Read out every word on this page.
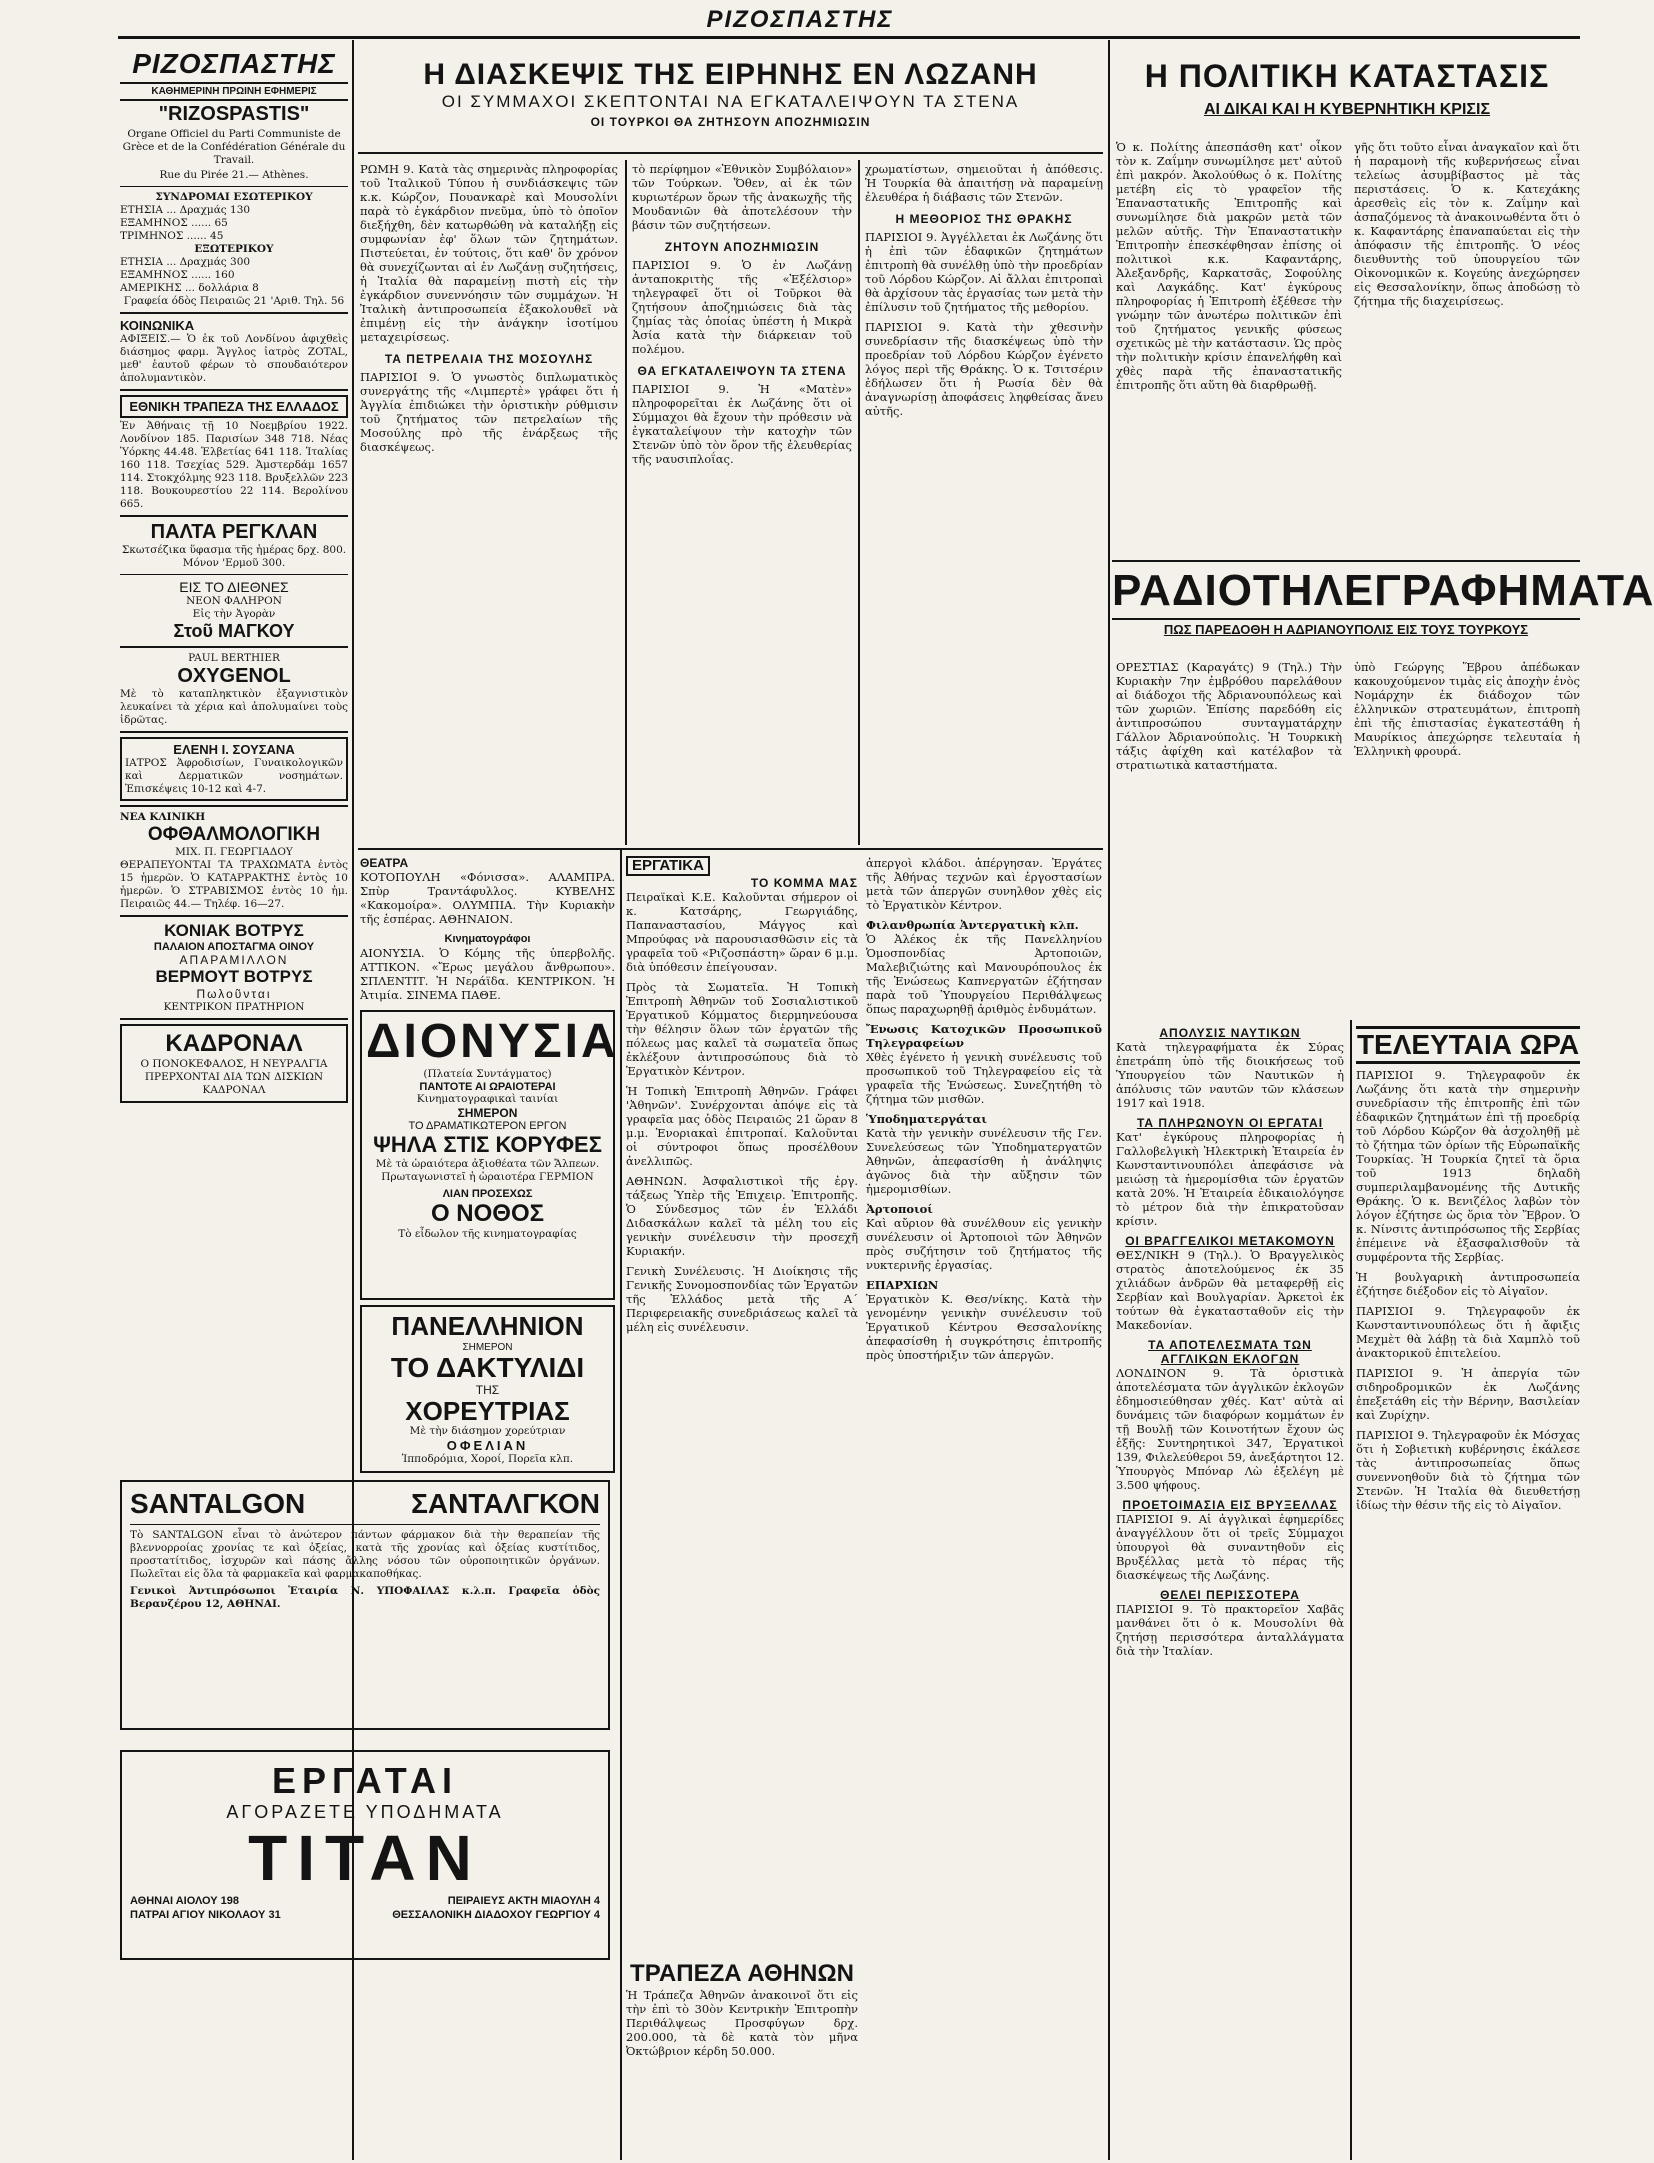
ΡΙΖΟΣΠΑΣΤΗΣ
ΡΙΖΟΣΠΑΣΤΗΣ
ΚΑΘΗΜΕΡΙΝΗ ΠΡΩΙΝΗ ΕΦΗΜΕΡΙΣ
"RIZOSPASTIS"
Organe Officiel du Parti Communiste de Grèce et de la Confédération Générale du Travail.
Rue du Pirée 21.— Athènes.
ΣΥΝΔΡΟΜΑΙ ΕΣΩΤΕΡΙΚΟΥ
ΕΤΗΣΙΑ ... Δραχμάς 130
ΕΞΑΜΗΝΟΣ ...... 65
ΤΡΙΜΗΝΟΣ ...... 45
ΕΞΩΤΕΡΙΚΟΥ
ΕΤΗΣΙΑ ... Δραχμάς 300
ΕΞΑΜΗΝΟΣ ...... 160
ΑΜΕΡΙΚΗΣ ... δολλάρια 8
Γραφεία όδὸς Πειραιῶς 21 'Αριθ. Τηλ. 56
ΚΟΙΝΩΝΙΚΑ
ΑΦΙΞΕΙΣ.— Ὁ ἐκ τοῦ Λονδίνου ἀφιχθεὶς διάσημος φαρμ. Ἄγγλος ἰατρὸς ZOTAL, μεθ' ἑαυτοῦ φέρων τὸ σπουδαιότερον ἀπολυμαντικὸν.
ΕΘΝΙΚΗ ΤΡΑΠΕΖΑ ΤΗΣ ΕΛΛΑΔΟΣ
Ἐν Ἀθήναις τῇ 10 Νοεμβρίου 1922. Λονδίνον 185. Παρισίων 348 718. Νέας Ὑόρκης 44.48. Ἑλβετίας 641 118. Ἰταλίας 160 118. Τσεχίας 529. Ἀμστερδάμ 1657 114. Στοκχόλμης 923 118. Βρυξελλῶν 223 118. Βουκουρεστίου 22 114. Βερολίνου 665.
ΠΑΛΤΑ ΡΕΓΚΛΑΝ
Σκωτσέζικα ὕφασμα τῆς ἡμέρας δρχ. 800. Μόνον 'Ερμοῦ 300.
ΕΙΣ ΤΟ ΔΙΕΘΝΕΣ
ΝΕΟΝ ΦΑΛΗΡΟΝ
Εἰς τὴν Ἀγορὰν
Στοῦ ΜΑΓΚΟΥ
PAUL BERTHIER
OXYGENOL
Μὲ τὸ καταπληκτικὸν ἐξαγνιστικὸν λευκαίνει τὰ χέρια καὶ ἀπολυμαίνει τοὺς ἰδρῶτας.
ΕΛΕΝΗ Ι. ΣΟΥΣΑΝΑ
ΙΑΤΡΟΣ Ἀφροδισίων, Γυναικολογικῶν καὶ Δερματικῶν νοσημάτων. Ἐπισκέψεις 10-12 καὶ 4-7.
ΝΕΑ ΚΛΙΝΙΚΗ
ΟΦΘΑΛΜΟΛΟΓΙΚΗ
ΜΙΧ. Π. ΓΕΩΡΓΙΑΔΟΥ
ΘΕΡΑΠΕΥΟΝΤΑΙ ΤΑ ΤΡΑΧΩΜΑΤΑ ἐντὸς 15 ἡμερῶν. Ὁ ΚΑΤΑΡΡΑΚΤΗΣ ἐντὸς 10 ἡμερῶν. Ὁ ΣΤΡΑΒΙΣΜΟΣ ἐντὸς 10 ἡμ. Πειραιῶς 44.— Τηλέφ. 16—27.
ΚΟΝΙΑΚ ΒΟΤΡΥΣ
ΠΑΛΑΙΟΝ ΑΠΟΣΤΑΓΜΑ ΟΙΝΟΥ
ΑΠΑΡΑΜΙΛΛΟΝ
ΒΕΡΜΟΥΤ ΒΟΤΡΥΣ
Πωλοῦνται
ΚΕΝΤΡΙΚΟΝ ΠΡΑΤΗΡΙΟΝ
ΚΑΔΡΟΝΑΛ
Ο ΠΟΝΟΚΕΦΑΛΟΣ, Η ΝΕΥΡΑΛΓΙΑ ΠΡΕΡΧΟΝΤΑΙ ΔΙΑ ΤΩΝ ΔΙΣΚΙΩΝ ΚΑΔΡΟΝΑΛ
SANTALGON	ΣΑΝΤΑΛΓΚΟΝ
Τὸ SANTALGON εἶναι τὸ ἀνώτερον πάντων φάρμακον διὰ τὴν θεραπείαν τῆς βλεννορροίας χρονίας τε καὶ ὀξείας, κατὰ τῆς χρονίας καὶ ὀξείας κυστίτιδος, προστατίτιδος, ἰσχυρῶν καὶ πάσης ἄλλης νόσου τῶν οὐροποιητικῶν ὀργάνων. Πωλεῖται εἰς ὅλα τὰ φαρμακεῖα καὶ φαρμακαποθήκας.
Γενικοὶ Ἀντιπρόσωποι Ἑταιρία Ν. ΥΠΟΦΑΙΛΑΣ κ.λ.π. Γραφεῖα ὁδὸς Βερανζέρου 12, ΑΘΗΝΑΙ.
ΕΡΓΑΤΑΙ
ΑΓΟΡΑΖΕΤΕ ΥΠΟΔΗΜΑΤΑ
ΤΙΤΑΝ
ΑΘΗΝΑΙ ΑΙΟΛΟΥ 198	ΠΕΙΡΑΙΕΥΣ ΑΚΤΗ ΜΙΑΟΥΛΗ 4
ΠΑΤΡΑΙ ΑΓΙΟΥ ΝΙΚΟΛΑΟΥ 31	ΘΕΣΣΑΛΟΝΙΚΗ ΔΙΑΔΟΧΟΥ ΓΕΩΡΓΙΟΥ 4
Η ΔΙΑΣΚΕΨΙΣ ΤΗΣ ΕΙΡΗΝΗΣ ΕΝ ΛΩΖΑΝΗ
ΟΙ ΣΥΜΜΑΧΟΙ ΣΚΕΠΤΟΝΤΑΙ ΝΑ ΕΓΚΑΤΑΛΕΙΨΟΥΝ ΤΑ ΣΤΕΝΑ
ΟΙ ΤΟΥΡΚΟΙ ΘΑ ΖΗΤΗΣΟΥΝ ΑΠΟΖΗΜΙΩΣΙΝ

ΡΩΜΗ 9. Κατὰ τὰς σημερινὰς πληροφορίας τοῦ Ἰταλικοῦ Τύπου ἡ συνδιάσκεψις τῶν κ.κ. Κώρζον, Πουανκαρὲ καὶ Μουσολίνι παρὰ τὸ ἐγκάρδιον πνεῦμα, ὑπὸ τὸ ὁποῖον διεξήχθη, δὲν κατωρθώθη νὰ καταλήξῃ εἰς συμφωνίαν ἐφ' ὅλων τῶν ζητημάτων. Πιστεύεται, ἐν τούτοις, ὅτι καθ' ὃν χρόνον θὰ συνεχίζωνται αἱ ἐν Λωζάνῃ συζητήσεις, ἡ Ἰταλία θὰ παραμείνῃ πιστὴ εἰς τὴν ἐγκάρδιον συνεννόησιν τῶν συμμάχων. Ἡ Ἰταλικὴ ἀντιπροσωπεία ἐξακολουθεῖ νὰ ἐπιμένῃ εἰς τὴν ἀνάγκην ἰσοτίμου μεταχειρίσεως.

ΤΑ ΠΕΤΡΕΛΑΙΑ ΤΗΣ ΜΟΣΟΥΛΗΣ

ΠΑΡΙΣΙΟΙ 9. Ὁ γνωστὸς διπλωματικὸς συνεργάτης τῆς «Λιμπερτὲ» γράφει ὅτι ἡ Ἀγγλία ἐπιδιώκει τὴν ὁριστικὴν ρύθμισιν τοῦ ζητήματος τῶν πετρελαίων τῆς Μοσούλης πρὸ τῆς ἐνάρξεως τῆς διασκέψεως.

τὸ περίφημον «Ἐθνικὸν Συμβόλαιον» τῶν Τούρκων. Ὅθεν, αἱ ἐκ τῶν κυριωτέρων ὅρων τῆς ἀνακωχῆς τῆς Μουδανιῶν θὰ ἀποτελέσουν τὴν βάσιν τῶν συζητήσεων.

ΖΗΤΟΥΝ ΑΠΟΖΗΜΙΩΣΙΝ

ΠΑΡΙΣΙΟΙ 9. Ὁ ἐν Λωζάνῃ ἀνταποκριτὴς τῆς «Ἐξέλσιορ» τηλεγραφεῖ ὅτι οἱ Τοῦρκοι θὰ ζητήσουν ἀποζημιώσεις διὰ τὰς ζημίας τὰς ὁποίας ὑπέστη ἡ Μικρὰ Ἀσία κατὰ τὴν διάρκειαν τοῦ πολέμου.

ΘΑ ΕΓΚΑΤΑΛΕΙΨΟΥΝ ΤΑ ΣΤΕΝΑ

ΠΑΡΙΣΙΟΙ 9. Ἡ «Ματὲν» πληροφορεῖται ἐκ Λωζάνης ὅτι οἱ Σύμμαχοι θὰ ἔχουν τὴν πρόθεσιν νὰ ἐγκαταλείψουν τὴν κατοχὴν τῶν Στενῶν ὑπὸ τὸν ὅρον τῆς ἐλευθερίας τῆς ναυσιπλοΐας.

χρωματίστων, σημειοῦται ἡ ἀπόθεσις. Ἡ Τουρκία θὰ ἀπαιτήσῃ νὰ παραμείνῃ ἐλευθέρα ἡ διάβασις τῶν Στενῶν.

Η ΜΕΘΟΡΙΟΣ ΤΗΣ ΘΡΑΚΗΣ

ΠΑΡΙΣΙΟΙ 9. Ἀγγέλλεται ἐκ Λωζάνης ὅτι ἡ ἐπὶ τῶν ἐδαφικῶν ζητημάτων ἐπιτροπὴ θὰ συνέλθῃ ὑπὸ τὴν προεδρίαν τοῦ Λόρδου Κώρζον. Αἱ ἄλλαι ἐπιτροπαὶ θὰ ἀρχίσουν τὰς ἐργασίας των μετὰ τὴν ἐπίλυσιν τοῦ ζητήματος τῆς μεθορίου.

ΠΑΡΙΣΙΟΙ 9. Κατὰ τὴν χθεσινὴν συνεδρίασιν τῆς διασκέψεως ὑπὸ τὴν προεδρίαν τοῦ Λόρδου Κώρζον ἐγένετο λόγος περὶ τῆς Θράκης. Ὁ κ. Τσιτσέριν ἐδήλωσεν ὅτι ἡ Ρωσία δὲν θὰ ἀναγνωρίσῃ ἀποφάσεις ληφθείσας ἄνευ αὐτῆς.

ΘΕΑΤΡΑ

ΚΟΤΟΠΟΥΛΗ «Φόνισσα». ΑΛΑΜΠΡΑ. Σπὺρ Τραντάφυλλος. ΚΥΒΕΛΗΣ «Κακομοίρα». ΟΛΥΜΠΙΑ. Τὴν Κυριακὴν τῆς ἑσπέρας. ΑΘΗΝΑΙΟΝ.

Κινηματογράφοι

ΑΙΟΝΥΣΙΑ. Ὁ Κόμης τῆς ὑπερβολῆς. ΑΤΤΙΚΟΝ. «Ἔρως μεγάλου ἄνθρωπου». ΣΠΛΕΝΤΙΤ. Ἡ Νεράϊδα. ΚΕΝΤΡΙΚΟΝ. Ἡ Ἀτιμία. ΣΙΝΕΜΑ ΠΑΘΕ.

ΔΙΟΝΥΣΙΑ
(Πλατεία Συντάγματος)
ΠΑΝΤΟΤΕ ΑΙ ΩΡΑΙΟΤΕΡΑΙ
Κινηματογραφικαὶ ταινίαι
ΣΗΜΕΡΟΝ
ΤΟ ΔΡΑΜΑΤΙΚΩΤΕΡΟΝ ΕΡΓΟΝ
ΨΗΛΑ ΣΤΙΣ ΚΟΡΥΦΕΣ
Μὲ τὰ ὡραιότερα ἀξιοθέατα τῶν Ἄλπεων. Πρωταγωνιστεῖ ἡ ὡραιοτέρα ΓΕΡΜΙΟΝ
ΛΙΑΝ ΠΡΟΣΕΧΩΣ
Ο ΝΟΘΟΣ
Τὸ εἶδωλον τῆς κινηματογραφίας
ΠΑΝΕΛΛΗΝΙΟΝ
ΣΗΜΕΡΟΝ
ΤΟ ΔΑΚΤΥΛΙΔΙ
ΤΗΣ
ΧΟΡΕΥΤΡΙΑΣ
Μὲ τὴν διάσημον χορεύτριαν
ΟΦΕΛΙΑΝ
Ἱπποδρόμια, Χοροί, Πορεῖα κλπ.
ΕΡΓΑΤΙΚΑ
ΤΟ ΚΟΜΜΑ ΜΑΣ

Πειραϊκαὶ Κ.Ε. Καλοῦνται σήμερον οἱ κ. Κατσάρης, Γεωργιάδης, Παπαναστασίου, Μάγγος καὶ Μπρούφας νὰ παρουσιασθῶσιν εἰς τὰ γραφεῖα τοῦ «Ριζοσπάστη» ὥραν 6 μ.μ. διὰ ὑπόθεσιν ἐπείγουσαν.

Πρὸς τὰ Σωματεῖα. Ἡ Τοπικὴ Ἐπιτροπὴ Ἀθηνῶν τοῦ Σοσιαλιστικοῦ Ἐργατικοῦ Κόμματος διερμηνεύουσα τὴν θέλησιν ὅλων τῶν ἐργατῶν τῆς πόλεως μας καλεῖ τὰ σωματεῖα ὅπως ἐκλέξουν ἀντιπροσώπους διὰ τὸ Ἐργατικὸν Κέντρον.

Ἡ Τοπικὴ Ἐπιτροπὴ Ἀθηνῶν. Γράφει 'Ἀθηνῶν'. Συνέρχονται ἀπόψε εἰς τὰ γραφεῖα μας ὁδὸς Πειραιῶς 21 ὥραν 8 μ.μ. Ἐνοριακαὶ ἐπιτροπαί. Καλοῦνται οἱ σύντροφοι ὅπως προσέλθουν ἀνελλιπῶς.

ΑΘΗΝΩΝ. Ἀσφαλιστικοὶ τῆς ἐργ. τάξεως Ὑπὲρ τῆς Ἐπιχειρ. Ἐπιτροπῆς. Ὁ Σύνδεσμος τῶν ἐν Ἑλλάδι Διδασκάλων καλεῖ τὰ μέλη του εἰς γενικὴν συνέλευσιν τὴν προσεχῆ Κυριακήν.

Γενικὴ Συνέλευσις. Ἡ Διοίκησις τῆς Γενικῆς Συνομοσπονδίας τῶν Ἐργατῶν τῆς Ἑλλάδος μετὰ τῆς Α΄ Περιφερειακῆς συνεδριάσεως καλεῖ τὰ μέλη εἰς συνέλευσιν.

ἀπεργοὶ κλάδοι. ἀπέργησαν. Ἐργάτες τῆς Ἀθήνας τεχνῶν καὶ ἐργοστασίων μετὰ τῶν ἀπεργῶν συνηλθον χθὲς εἰς τὸ Ἐργατικὸν Κέντρον.

Φιλανθρωπία Ἀντεργατικὴ κλπ.

Ὁ Ἀλέκος ἐκ τῆς Πανελληνίου Ὁμοσπονδίας Ἀρτοποιῶν, Μαλεβιζιώτης καὶ Μανουρόπουλος ἐκ τῆς Ἑνώσεως Καπνεργατῶν ἐζήτησαν παρὰ τοῦ Ὑπουργείου Περιθάλψεως ὅπως παραχωρηθῇ ἀριθμὸς ἐνδυμάτων.

Ἔνωσις Κατοχικῶν Προσωπικοῦ Τηλεγραφείων

Χθὲς ἐγένετο ἡ γενικὴ συνέλευσις τοῦ προσωπικοῦ τοῦ Τηλεγραφείου εἰς τὰ γραφεῖα τῆς Ἑνώσεως. Συνεζητήθη τὸ ζήτημα τῶν μισθῶν.

Ὑποδηματεργάται

Κατὰ τὴν γενικὴν συνέλευσιν τῆς Γεν. Συνελεύσεως τῶν Ὑποδηματεργατῶν Ἀθηνῶν, ἀπεφασίσθη ἡ ἀνάληψις ἀγῶνος διὰ τὴν αὔξησιν τῶν ἡμερομισθίων.

Ἀρτοποιοί

Καὶ αὔριον θὰ συνέλθουν εἰς γενικὴν συνέλευσιν οἱ Ἀρτοποιοὶ τῶν Ἀθηνῶν πρὸς συζήτησιν τοῦ ζητήματος τῆς νυκτερινῆς ἐργασίας.

ΕΠΑΡΧΙΩΝ

Ἐργατικὸν Κ. Θεσ/νίκης. Κατὰ τὴν γενομένην γενικὴν συνέλευσιν τοῦ Ἐργατικοῦ Κέντρου Θεσσαλονίκης ἀπεφασίσθη ἡ συγκρότησις ἐπιτροπῆς πρὸς ὑποστήριξιν τῶν ἀπεργῶν.

ΤΡΑΠΕΖΑ ΑΘΗΝΩΝ

Ἡ Τράπεζα Ἀθηνῶν ἀνακοινοῖ ὅτι εἰς τὴν ἐπὶ τὸ 30ὸν Κεντρικὴν Ἐπιτροπὴν Περιθάλψεως Προσφύγων δρχ. 200.000, τὰ δὲ κατὰ τὸν μῆνα Ὀκτώβριον κέρδη 50.000.

Η ΠΟΛΙΤΙΚΗ ΚΑΤΑΣΤΑΣΙΣ
ΑΙ ΔΙΚΑΙ ΚΑΙ Η ΚΥΒΕΡΝΗΤΙΚΗ ΚΡΙΣΙΣ

Ὁ κ. Πολίτης ἀπεσπάσθη κατ' οἶκον τὸν κ. Ζαΐμην συνωμίλησε μετ' αὐτοῦ ἐπὶ μακρόν. Ἀκολούθως ὁ κ. Πολίτης μετέβη εἰς τὸ γραφεῖον τῆς Ἐπαναστατικῆς Ἐπιτροπῆς καὶ συνωμίλησε διὰ μακρῶν μετὰ τῶν μελῶν αὐτῆς. Τὴν Ἐπαναστατικὴν Ἐπιτροπὴν ἐπεσκέφθησαν ἐπίσης οἱ πολιτικοὶ κ.κ. Καφαντάρης, Ἀλεξανδρῆς, Καρκατσᾶς, Σοφούλης καὶ Λαγκάδης. Κατ' ἐγκύρους πληροφορίας ἡ Ἐπιτροπὴ ἐξέθεσε τὴν γνώμην τῶν ἀνωτέρω πολιτικῶν ἐπὶ τοῦ ζητήματος γενικῆς φύσεως σχετικῶς μὲ τὴν κατάστασιν. Ὡς πρὸς τὴν πολιτικὴν κρίσιν ἐπανελήφθη καὶ χθὲς παρὰ τῆς ἐπαναστατικῆς ἐπιτροπῆς ὅτι αὕτη θὰ διαρθρωθῇ.

γῆς ὅτι τοῦτο εἶναι ἀναγκαῖον καὶ ὅτι ἡ παραμονὴ τῆς κυβερνήσεως εἶναι τελείως ἀσυμβίβαστος μὲ τὰς περιστάσεις. Ὁ κ. Κατεχάκης ἀρεσθεὶς εἰς τὸν κ. Ζαΐμην καὶ ἀσπαζόμενος τὰ ἀνακοινωθέντα ὅτι ὁ κ. Καφαντάρης ἐπαναπαύεται εἰς τὴν ἀπόφασιν τῆς ἐπιτροπῆς. Ὁ νέος διευθυντὴς τοῦ ὑπουργείου τῶν Οἰκονομικῶν κ. Κογεύης ἀνεχώρησεν εἰς Θεσσαλονίκην, ὅπως ἀποδώσῃ τὸ ζήτημα τῆς διαχειρίσεως.

ΡΑΔΙΟΤΗΛΕΓΡΑΦΗΜΑΤΑ
ΠΩΣ ΠΑΡΕΔΟΘΗ Η ΑΔΡΙΑΝΟΥΠΟΛΙΣ ΕΙΣ ΤΟΥΣ ΤΟΥΡΚΟΥΣ

ΟΡΕΣΤΙΑΣ (Καραγάτς) 9 (Τηλ.) Τὴν Κυριακὴν 7ην ἐμβρόθου παρελάθουν αἱ διάδοχοι τῆς Ἀδριανουπόλεως καὶ τῶν χωριῶν. Ἐπίσης παρεδόθη εἰς ἀντιπροσώπου συνταγματάρχην Γάλλον Ἀδριανούπολις. Ἡ Τουρκικὴ τάξις ἀφίχθη καὶ κατέλαβον τὰ στρατιωτικὰ καταστήματα.

ὑπὸ Γεώργης Ἕβρου ἀπέδωκαν κακουχούμενον τιμὰς εἰς ἀποχὴν ἐνὸς Νομάρχην ἐκ διάδοχον τῶν ἑλληνικῶν στρατευμάτων, ἐπιτροπὴ ἐπὶ τῆς ἐπιστασίας ἐγκατεστάθη ἡ Μαυρίκιος ἀπεχώρησε τελευταία ἡ Ἑλληνικὴ φρουρά.

ΑΠΟΛΥΣΙΣ ΝΑΥΤΙΚΩΝ

Κατὰ τηλεγραφήματα ἐκ Σύρας ἐπετράπη ὑπὸ τῆς διοικήσεως τοῦ Ὑπουργείου τῶν Ναυτικῶν ἡ ἀπόλυσις τῶν ναυτῶν τῶν κλάσεων 1917 καὶ 1918.

ΤΑ ΠΛΗΡΩΝΟΥΝ ΟΙ ΕΡΓΑΤΑΙ

Κατ' ἐγκύρους πληροφορίας ἡ Γαλλοβελγικὴ Ἠλεκτρικὴ Ἑταιρεία ἐν Κωνσταντινουπόλει ἀπεφάσισε νὰ μειώσῃ τὰ ἡμερομίσθια τῶν ἐργατῶν κατὰ 20%. Ἡ Ἑταιρεία ἐδικαιολόγησε τὸ μέτρον διὰ τὴν ἐπικρατοῦσαν κρίσιν.

ΟΙ ΒΡΑΓΓΕΛΙΚΟΙ ΜΕΤΑΚΟΜΟΥΝ

ΘΕΣ/ΝΙΚΗ 9 (Τηλ.). Ὁ Βραγγελικὸς στρατὸς ἀποτελούμενος ἐκ 35 χιλιάδων ἀνδρῶν θὰ μεταφερθῇ εἰς Σερβίαν καὶ Βουλγαρίαν. Ἀρκετοὶ ἐκ τούτων θὰ ἐγκατασταθοῦν εἰς τὴν Μακεδονίαν.

ΤΑ ΑΠΟΤΕΛΕΣΜΑΤΑ ΤΩΝ ΑΓΓΛΙΚΩΝ ΕΚΛΟΓΩΝ

ΛΟΝΔΙΝΟΝ 9. Τὰ ὁριστικὰ ἀποτελέσματα τῶν ἀγγλικῶν ἐκλογῶν ἐδημοσιεύθησαν χθές. Κατ' αὐτὰ αἱ δυνάμεις τῶν διαφόρων κομμάτων ἐν τῇ Βουλῇ τῶν Κοινοτήτων ἔχουν ὡς ἑξῆς: Συντηρητικοὶ 347, Ἐργατικοὶ 139, Φιλελεύθεροι 59, ἀνεξάρτητοι 12. Ὑπουργὸς Μπόναρ Λὼ ἐξελέγη μὲ 3.500 ψήφους.

ΠΡΟΕΤΟΙΜΑΣΙΑ ΕΙΣ ΒΡΥΞΕΛΛΑΣ

ΠΑΡΙΣΙΟΙ 9. Αἱ ἀγγλικαὶ ἐφημερίδες ἀναγγέλλουν ὅτι οἱ τρεῖς Σύμμαχοι ὑπουργοὶ θὰ συναντηθοῦν εἰς Βρυξέλλας μετὰ τὸ πέρας τῆς διασκέψεως τῆς Λωζάνης.

ΘΕΛΕΙ ΠΕΡΙΣΣΟΤΕΡΑ

ΠΑΡΙΣΙΟΙ 9. Τὸ πρακτορεῖον Χαβᾶς μανθάνει ὅτι ὁ κ. Μουσολίνι θὰ ζητήσῃ περισσότερα ἀνταλλάγματα διὰ τὴν Ἰταλίαν.

ΤΕΛΕΥΤΑΙΑ ΩΡΑ

ΠΑΡΙΣΙΟΙ 9. Τηλεγραφοῦν ἐκ Λωζάνης ὅτι κατὰ τὴν σημερινὴν συνεδρίασιν τῆς ἐπιτροπῆς ἐπὶ τῶν ἐδαφικῶν ζητημάτων ἐπὶ τῇ προεδρίᾳ τοῦ Λόρδου Κώρζον θὰ ἀσχοληθῇ μὲ τὸ ζήτημα τῶν ὁρίων τῆς Εὐρωπαϊκῆς Τουρκίας. Ἡ Τουρκία ζητεῖ τὰ ὅρια τοῦ 1913 δηλαδὴ συμπεριλαμβανομένης τῆς Δυτικῆς Θράκης. Ὁ κ. Βενιζέλος λαβὼν τὸν λόγον ἐζήτησε ὡς ὅρια τὸν Ἕβρον. Ὁ κ. Νίνσιτς ἀντιπρόσωπος τῆς Σερβίας ἐπέμεινε νὰ ἐξασφαλισθοῦν τὰ συμφέροντα τῆς Σερβίας.

Ἡ βουλγαρικὴ ἀντιπροσωπεία ἐζήτησε διέξοδον εἰς τὸ Αἰγαῖον.

ΠΑΡΙΣΙΟΙ 9. Τηλεγραφοῦν ἐκ Κωνσταντινουπόλεως ὅτι ἡ ἄφιξις Μεχμὲτ θὰ λάβῃ τὰ διὰ Χαμπλὸ τοῦ ἀνακτορικοῦ ἐπιτελείου.

ΠΑΡΙΣΙΟΙ 9. Ἡ ἀπεργία τῶν σιδηροδρομικῶν ἐκ Λωζάνης ἐπεξετάθη εἰς τὴν Βέρνην, Βασιλείαν καὶ Ζυρίχην.

ΠΑΡΙΣΙΟΙ 9. Τηλεγραφοῦν ἐκ Μόσχας ὅτι ἡ Σοβιετικὴ κυβέρνησις ἐκάλεσε τὰς ἀντιπροσωπείας ὅπως συνεννοηθοῦν διὰ τὸ ζήτημα τῶν Στενῶν. Ἡ Ἰταλία θὰ διευθετήσῃ ἰδίως τὴν θέσιν τῆς εἰς τὸ Αἰγαῖον.
